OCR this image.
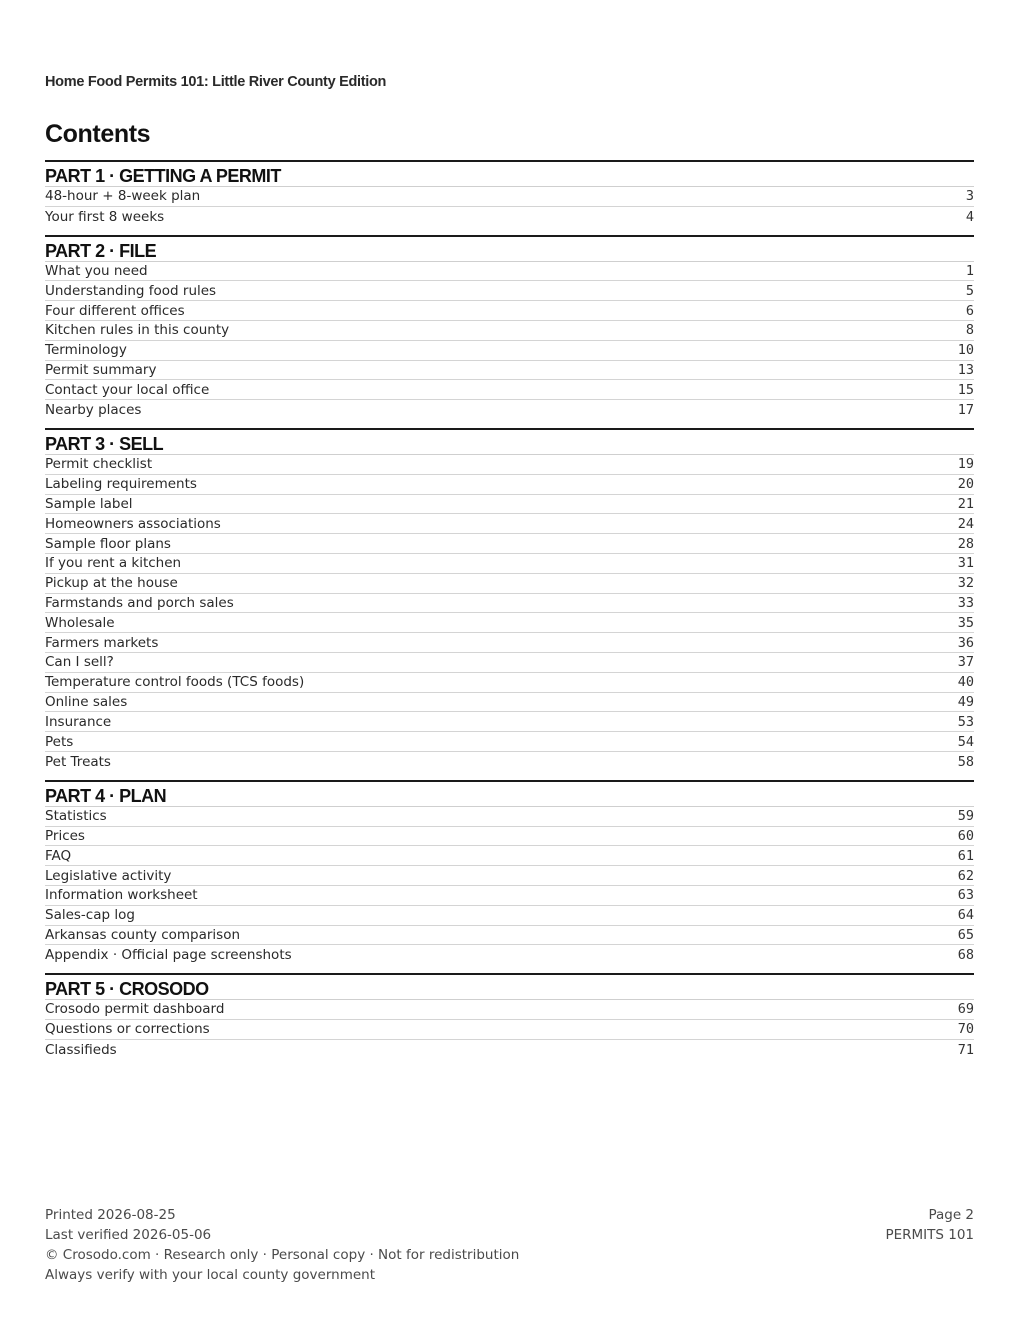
Home Food Permits 101: Little River County Edition
Contents
PART 1 · GETTING A PERMIT
48-hour + 8-week plan	3
Your first 8 weeks	4
PART 2 · FILE
What you need	1
Understanding food rules	5
Four different offices	6
Kitchen rules in this county	8
Terminology	10
Permit summary	13
Contact your local office	15
Nearby places	17
PART 3 · SELL
Permit checklist	19
Labeling requirements	20
Sample label	21
Homeowners associations	24
Sample floor plans	28
If you rent a kitchen	31
Pickup at the house	32
Farmstands and porch sales	33
Wholesale	35
Farmers markets	36
Can I sell?	37
Temperature control foods (TCS foods)	40
Online sales	49
Insurance	53
Pets	54
Pet Treats	58
PART 4 · PLAN
Statistics	59
Prices	60
FAQ	61
Legislative activity	62
Information worksheet	63
Sales-cap log	64
Arkansas county comparison	65
Appendix · Official page screenshots	68
PART 5 · CROSODO
Crosodo permit dashboard	69
Questions or corrections	70
Classifieds	71
Printed 2026-08-25
Last verified 2026-05-06
© Crosodo.com · Research only · Personal copy · Not for redistribution
Always verify with your local county government
Page 2
PERMITS 101
